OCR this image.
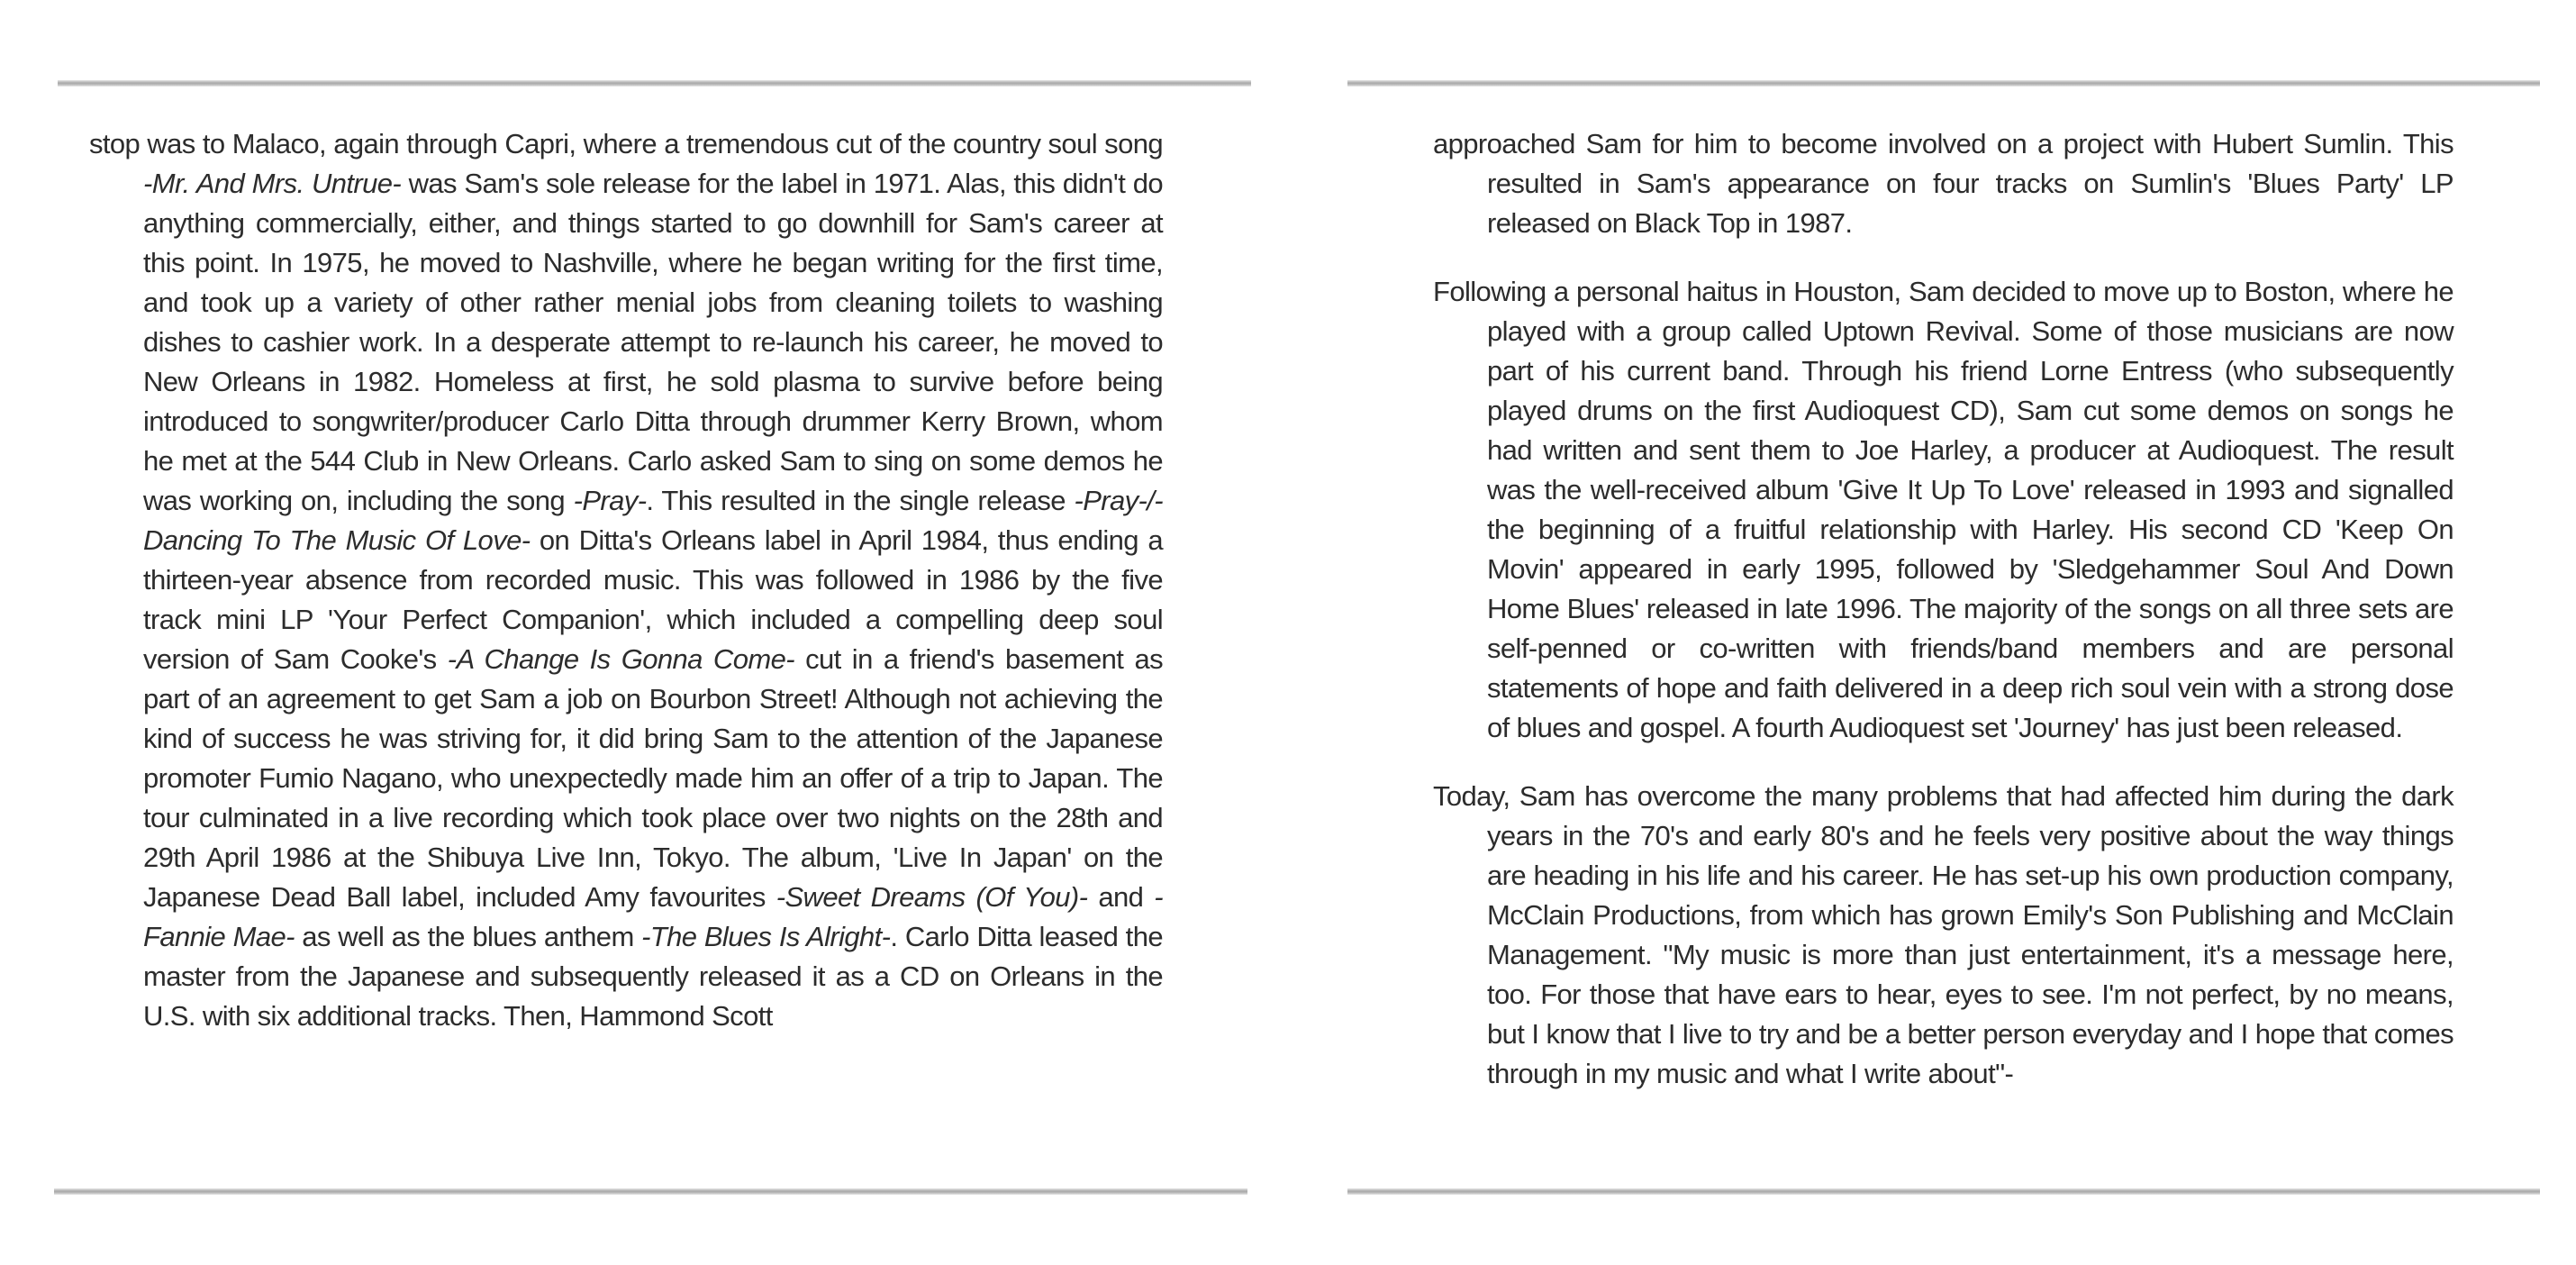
stop was to Malaco, again through Capri, where a tremendous cut of the country soul song -Mr. And Mrs. Untrue- was Sam's sole release for the label in 1971. Alas, this didn't do anything commercially, either, and things started to go downhill for Sam's career at this point. In 1975, he moved to Nashville, where he began writing for the first time, and took up a variety of other rather menial jobs from cleaning toilets to washing dishes to cashier work. In a desperate attempt to re-launch his career, he moved to New Orleans in 1982. Homeless at first, he sold plasma to survive before being introduced to songwriter/producer Carlo Ditta through drummer Kerry Brown, whom he met at the 544 Club in New Orleans. Carlo asked Sam to sing on some demos he was working on, including the song -Pray-. This resulted in the single release -Pray-/-Dancing To The Music Of Love- on Ditta's Orleans label in April 1984, thus ending a thirteen-year absence from recorded music. This was followed in 1986 by the five track mini LP 'Your Perfect Companion', which included a compelling deep soul version of Sam Cooke's -A Change Is Gonna Come- cut in a friend's basement as part of an agreement to get Sam a job on Bourbon Street! Although not achieving the kind of success he was striving for, it did bring Sam to the attention of the Japanese promoter Fumio Nagano, who unexpectedly made him an offer of a trip to Japan. The tour culminated in a live recording which took place over two nights on the 28th and 29th April 1986 at the Shibuya Live Inn, Tokyo. The album, 'Live In Japan' on the Japanese Dead Ball label, included Amy favourites -Sweet Dreams (Of You)- and -Fannie Mae- as well as the blues anthem -The Blues Is Alright-. Carlo Ditta leased the master from the Japanese and subsequently released it as a CD on Orleans in the U.S. with six additional tracks. Then, Hammond Scott

approached Sam for him to become involved on a project with Hubert Sumlin. This resulted in Sam's appearance on four tracks on Sumlin's 'Blues Party' LP released on Black Top in 1987.

Following a personal haitus in Houston, Sam decided to move up to Boston, where he played with a group called Uptown Revival. Some of those musicians are now part of his current band. Through his friend Lorne Entress (who subsequently played drums on the first Audioquest CD), Sam cut some demos on songs he had written and sent them to Joe Harley, a producer at Audioquest. The result was the well-received album 'Give It Up To Love' released in 1993 and signalled the beginning of a fruitful relationship with Harley. His second CD 'Keep On Movin' appeared in early 1995, followed by 'Sledgehammer Soul And Down Home Blues' released in late 1996. The majority of the songs on all three sets are self-penned or co-written with friends/band members and are personal statements of hope and faith delivered in a deep rich soul vein with a strong dose of blues and gospel. A fourth Audioquest set 'Journey' has just been released.

Today, Sam has overcome the many problems that had affected him during the dark years in the 70's and early 80's and he feels very positive about the way things are heading in his life and his career. He has set-up his own production company, McClain Productions, from which has grown Emily's Son Publishing and McClain Management. "My music is more than just entertainment, it's a message here, too. For those that have ears to hear, eyes to see. I'm not perfect, by no means, but I know that I live to try and be a better person everyday and I hope that comes through in my music and what I write about"-
